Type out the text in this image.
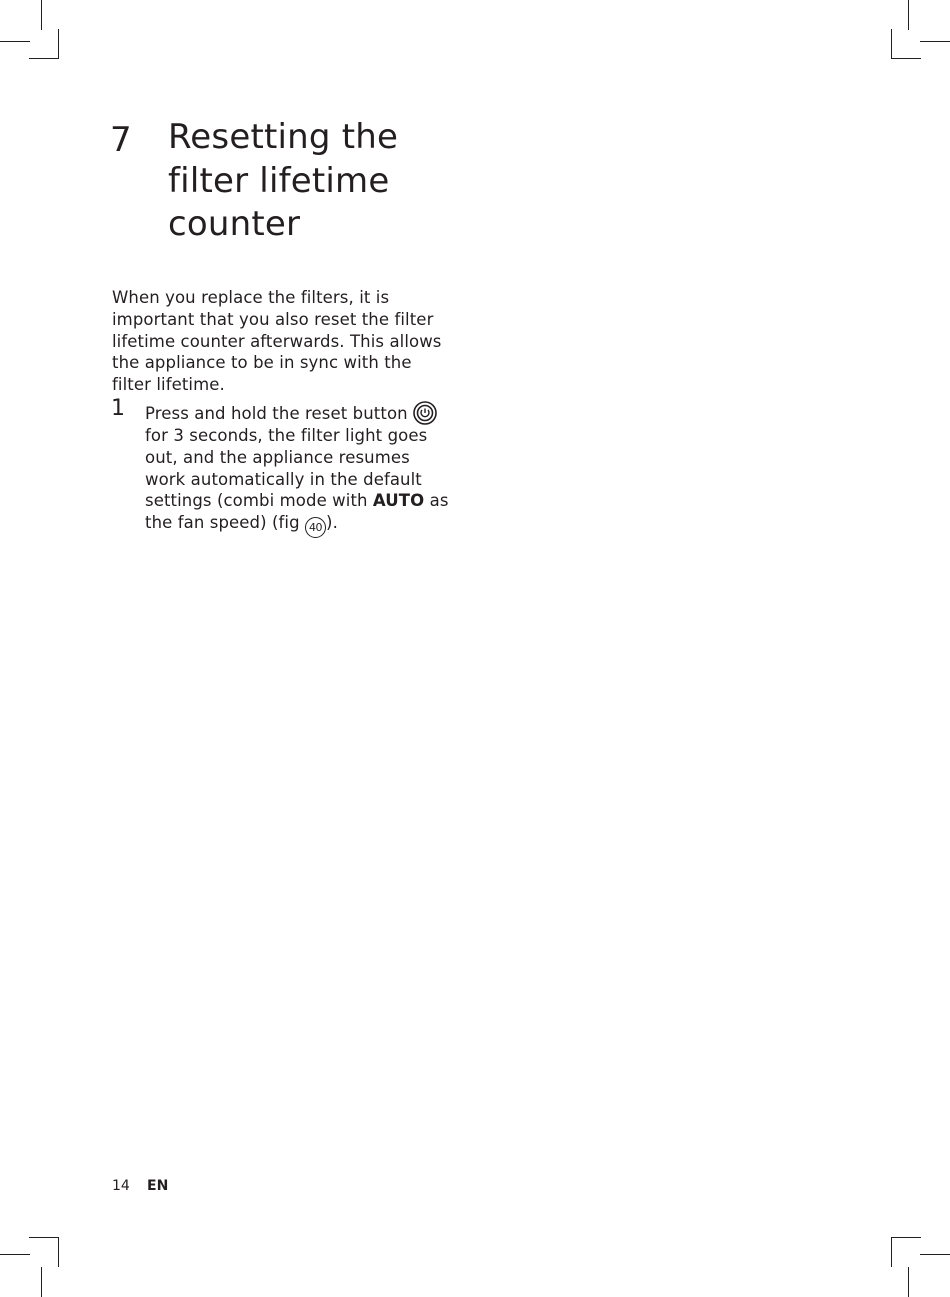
7 Resetting the filter lifetime counter
When you replace the filters, it is important that you also reset the filter lifetime counter afterwards. This allows the appliance to be in sync with the filter lifetime.
1 Press and hold the reset button  for 3 seconds, the filter light goes out, and the appliance resumes work automatically in the default settings (combi mode with AUTO as the fan speed) (fig 40 ).
14 EN
